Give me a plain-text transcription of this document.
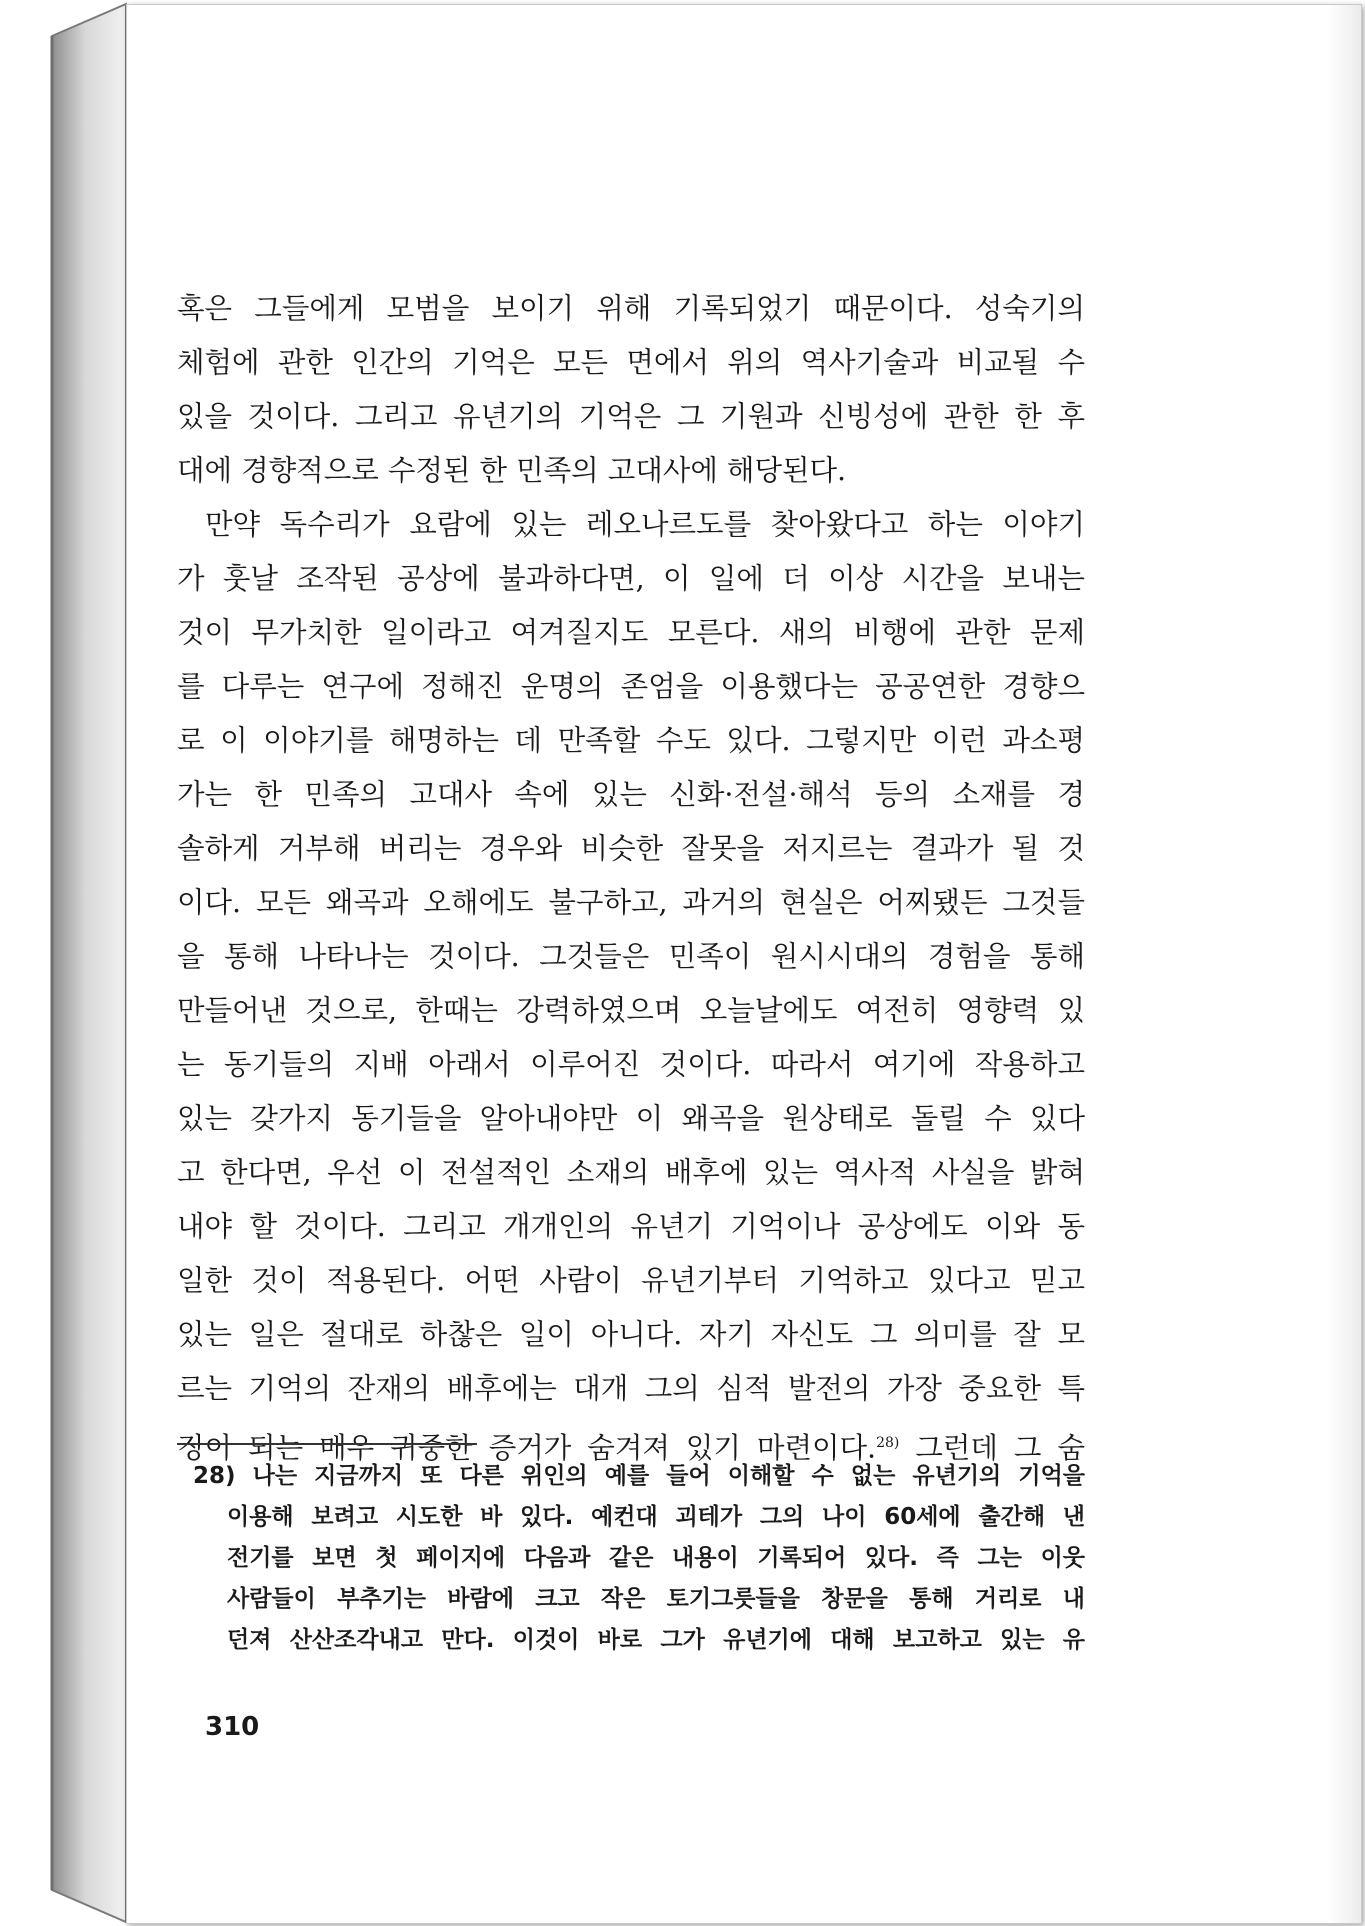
혹은 그들에게 모범을 보이기 위해 기록되었기 때문이다. 성숙기의
체험에 관한 인간의 기억은 모든 면에서 위의 역사기술과 비교될 수
있을 것이다. 그리고 유년기의 기억은 그 기원과 신빙성에 관한 한 후
대에 경향적으로 수정된 한 민족의 고대사에 해당된다.
만약 독수리가 요람에 있는 레오나르도를 찾아왔다고 하는 이야기
가 훗날 조작된 공상에 불과하다면, 이 일에 더 이상 시간을 보내는
것이 무가치한 일이라고 여겨질지도 모른다. 새의 비행에 관한 문제
를 다루는 연구에 정해진 운명의 존엄을 이용했다는 공공연한 경향으
로 이 이야기를 해명하는 데 만족할 수도 있다. 그렇지만 이런 과소평
가는 한 민족의 고대사 속에 있는 신화·전설·해석 등의 소재를 경
솔하게 거부해 버리는 경우와 비슷한 잘못을 저지르는 결과가 될 것
이다. 모든 왜곡과 오해에도 불구하고, 과거의 현실은 어찌됐든 그것들
을 통해 나타나는 것이다. 그것들은 민족이 원시시대의 경험을 통해
만들어낸 것으로, 한때는 강력하였으며 오늘날에도 여전히 영향력 있
는 동기들의 지배 아래서 이루어진 것이다. 따라서 여기에 작용하고
있는 갖가지 동기들을 알아내야만 이 왜곡을 원상태로 돌릴 수 있다
고 한다면, 우선 이 전설적인 소재의 배후에 있는 역사적 사실을 밝혀
내야 할 것이다. 그리고 개개인의 유년기 기억이나 공상에도 이와 동
일한 것이 적용된다. 어떤 사람이 유년기부터 기억하고 있다고 믿고
있는 일은 절대로 하찮은 일이 아니다. 자기 자신도 그 의미를 잘 모
르는 기억의 잔재의 배후에는 대개 그의 심적 발전의 가장 중요한 특
징이 되는 매우 귀중한 증거가 숨겨져 있기 마련이다.$^{28)}$ 그런데 그 숨
28) 나는 지금까지 또 다른 위인의 예를 들어 이해할 수 없는 유년기의 기억을
이용해 보려고 시도한 바 있다. 예컨대 괴테가 그의 나이 60세에 출간해 낸
전기를 보면 첫 페이지에 다음과 같은 내용이 기록되어 있다. 즉 그는 이웃
사람들이 부추기는 바람에 크고 작은 토기그릇들을 창문을 통해 거리로 내
던져 산산조각내고 만다. 이것이 바로 그가 유년기에 대해 보고하고 있는 유
310
